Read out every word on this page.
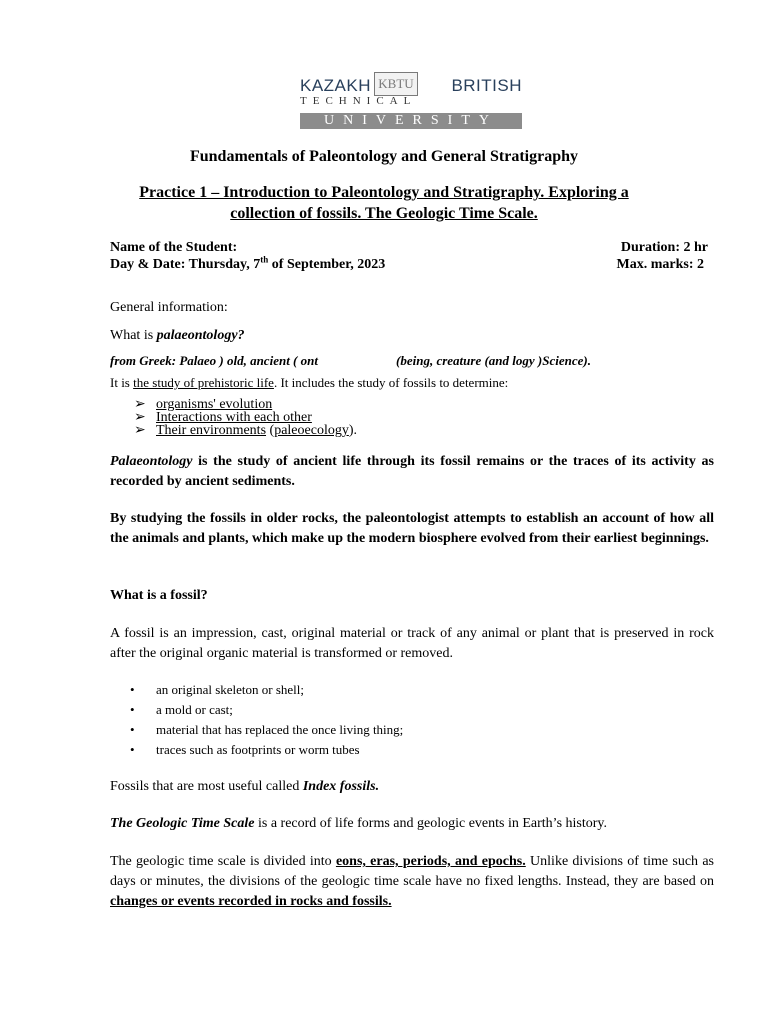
KAZAKH KBTU BRITISH
TECHNICAL
UNIVERSITY
Fundamentals of Paleontology and General Stratigraphy
Practice 1 – Introduction to Paleontology and Stratigraphy. Exploring a
collection of fossils. The Geologic Time Scale.
Name of the Student:	Duration: 2 hr
Day & Date: Thursday, 7th of September, 2023	Max. marks: 2
General information:
What is palaeontology?
from Greek: Palaeo ) old, ancient ( ont	(being, creature (and logy )Science).
It is the study of prehistoric life. It includes the study of fossils to determine:
➢ organisms' evolution
➢ Interactions with each other
➢ Their environments (paleoecology).
Palaeontology is the study of ancient life through its fossil remains or the traces of its activity as recorded by ancient sediments.
By studying the fossils in older rocks, the paleontologist attempts to establish an account of how all the animals and plants, which make up the modern biosphere evolved from their earliest beginnings.
What is a fossil?
A fossil is an impression, cast, original material or track of any animal or plant that is preserved in rock after the original organic material is transformed or removed.
• an original skeleton or shell;
• a mold or cast;
• material that has replaced the once living thing;
• traces such as footprints or worm tubes
Fossils that are most useful called Index fossils.
The Geologic Time Scale is a record of life forms and geologic events in Earth’s history.
The geologic time scale is divided into eons, eras, periods, and epochs. Unlike divisions of time such as days or minutes, the divisions of the geologic time scale have no fixed lengths. Instead, they are based on changes or events recorded in rocks and fossils.
